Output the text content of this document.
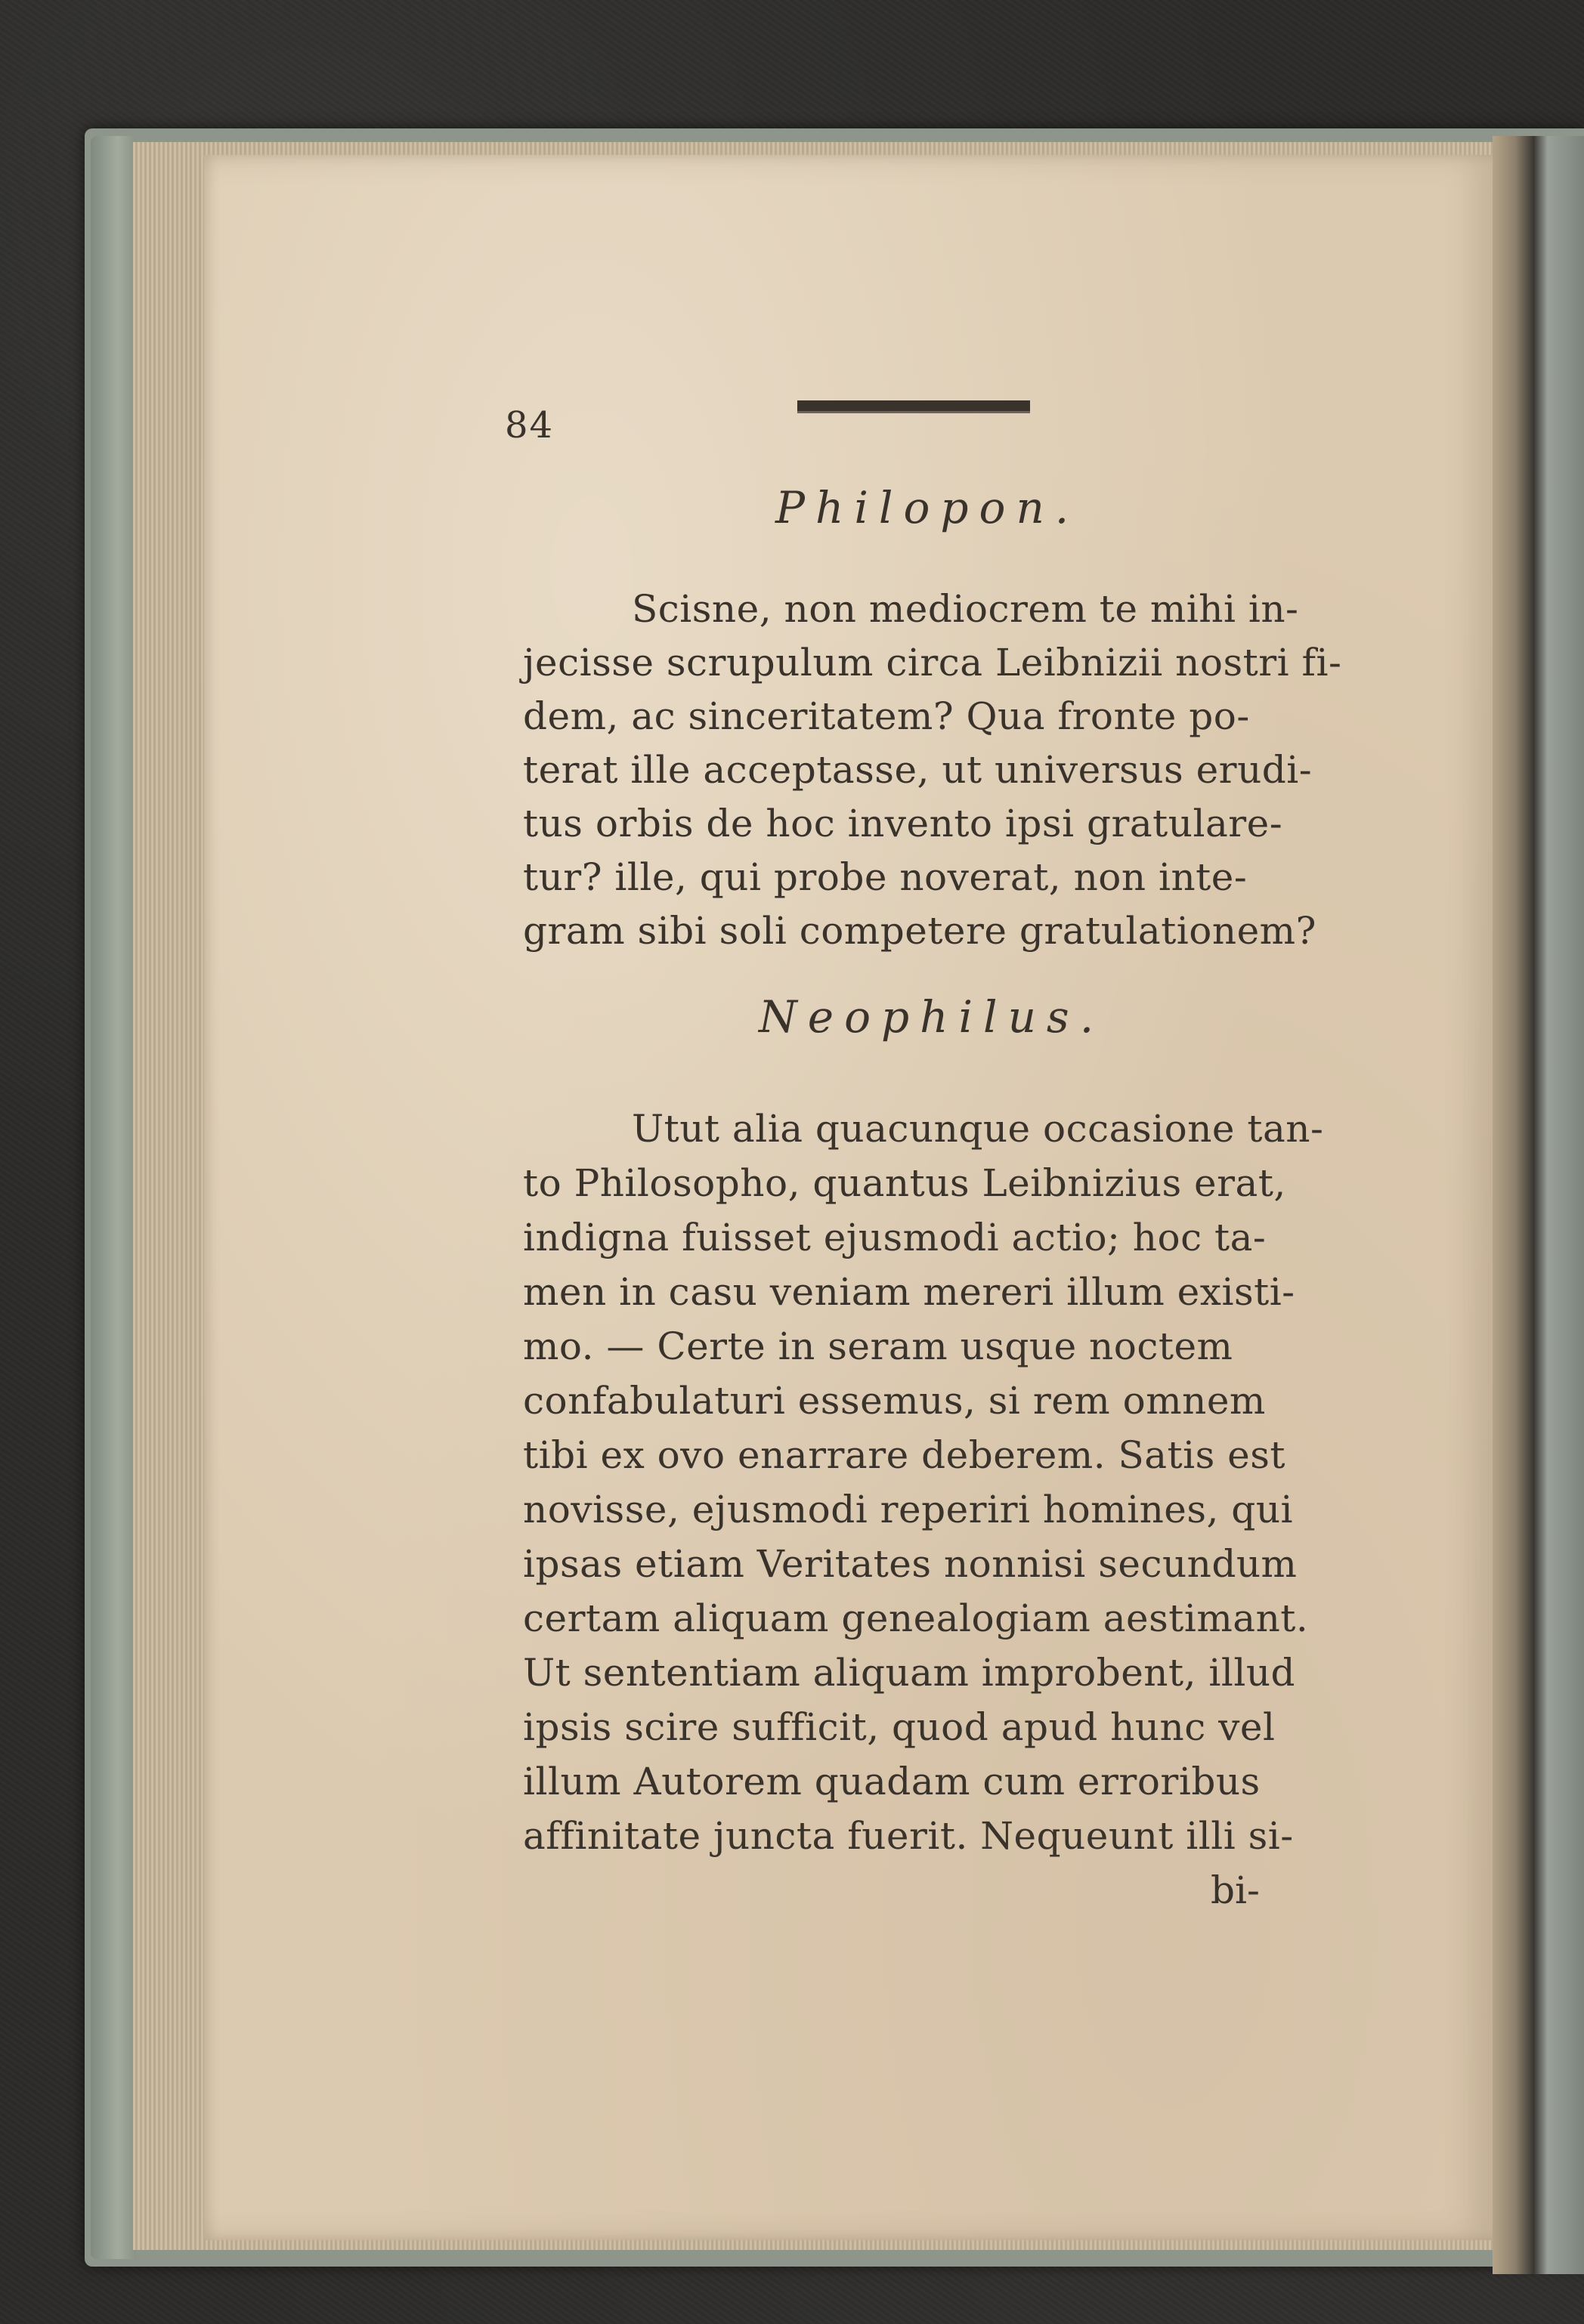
84

Philopon.

Scisne, non mediocrem te mihi in-

jecisse scrupulum circa Leibnizii nostri fi-

dem, ac sinceritatem? Qua fronte po-

terat ille acceptasse, ut universus erudi-

tus orbis de hoc invento ipsi gratulare-

tur? ille, qui probe noverat, non inte-

gram sibi soli competere gratulationem?

Neophilus.

Utut alia quacunque occasione tan-

to Philosopho, quantus Leibnizius erat,

indigna fuisset ejusmodi actio; hoc ta-

men in casu veniam mereri illum existi-

mo. — Certe in seram usque noctem

confabulaturi essemus, si rem omnem

tibi ex ovo enarrare deberem. Satis est

novisse, ejusmodi reperiri homines, qui

ipsas etiam Veritates nonnisi secundum

certam aliquam genealogiam aestimant.

Ut sententiam aliquam improbent, illud

ipsis scire sufficit, quod apud hunc vel

illum Autorem quadam cum erroribus

affinitate juncta fuerit. Nequeunt illi si-

bi-
